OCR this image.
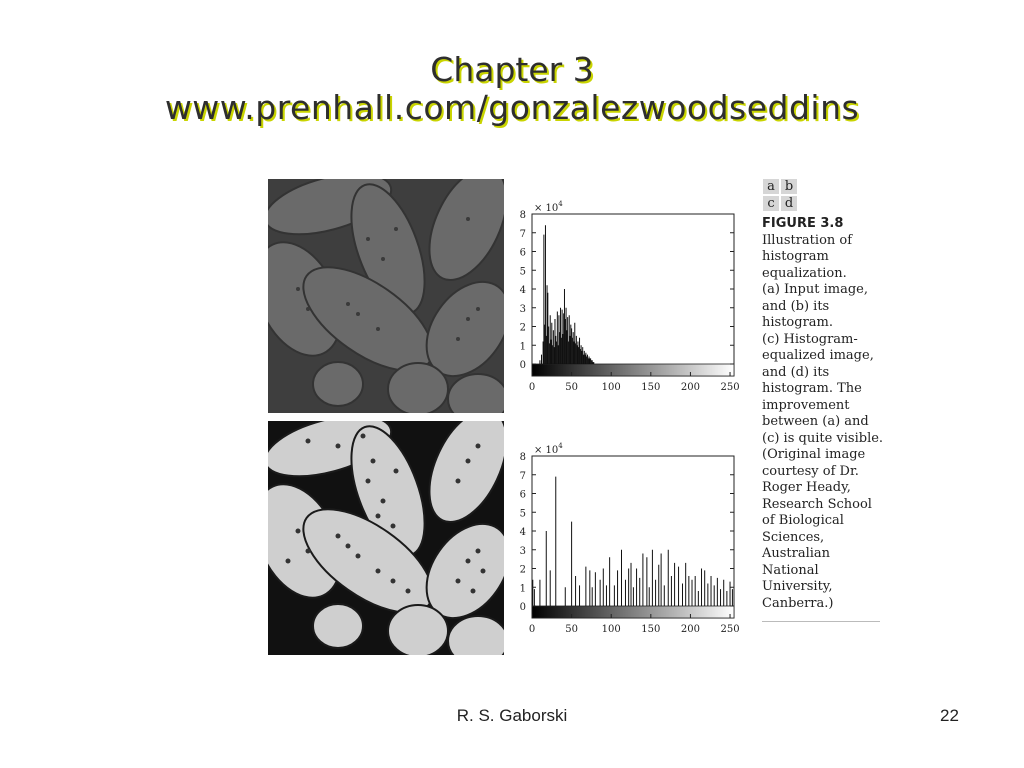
Chapter 3
www.prenhall.com/gonzalezwoodseddins
0
1
2
3
4
5
6
7
8
0	50 100 150 200 250
× $10^4$
0
1
2
3
4
5
6
7
8
0	50 100 150 200 250
× $10^4$
a b
c d
FIGURE 3.8
Illustration of
histogram
equalization.
(a) Input image,
and (b) its
histogram.
(c) Histogram-
equalized image,
and (d) its
histogram. The
improvement
between (a) and
(c) is quite visible.
(Original image
courtesy of Dr.
Roger Heady,
Research School
of Biological
Sciences,
Australian
National
University,
Canberra.)
R. S. Gaborski	22
